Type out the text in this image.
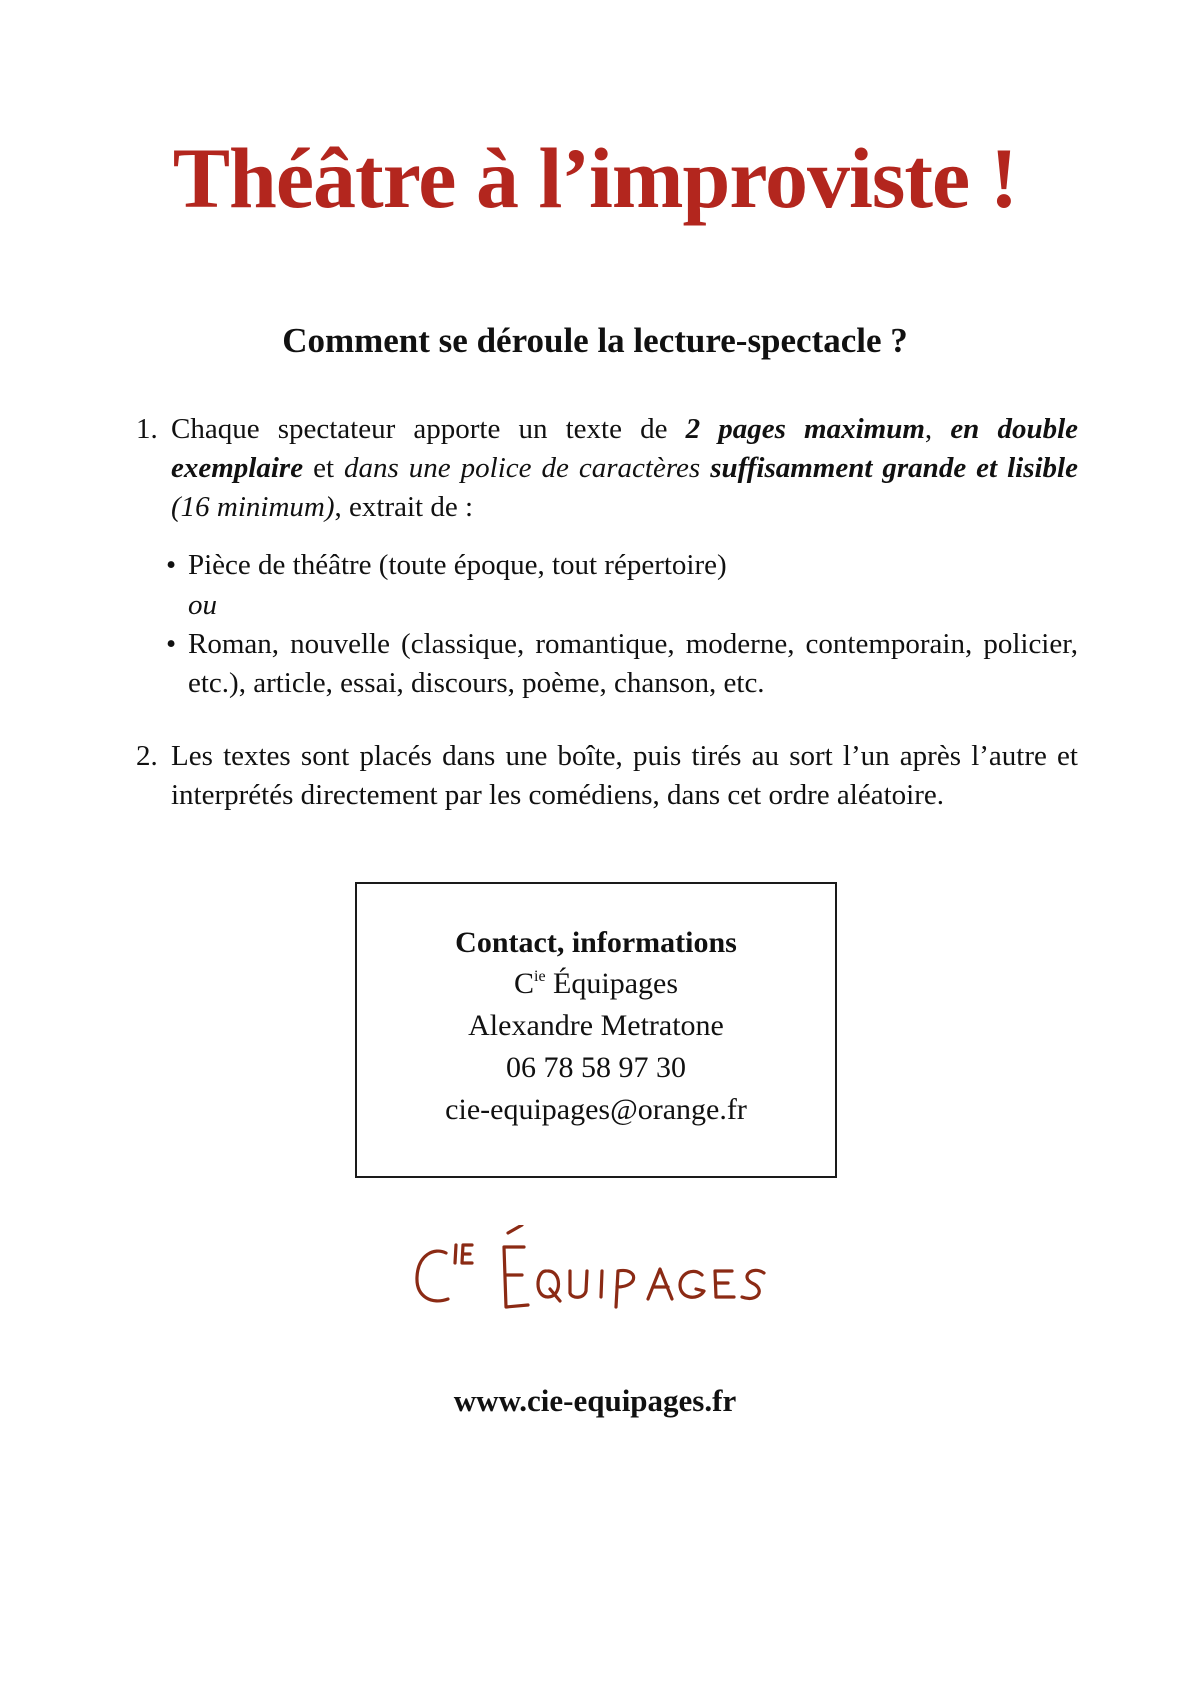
Théâtre à l’improviste !
Comment se déroule la lecture-spectacle ?
1. Chaque spectateur apporte un texte de 2 pages maximum, en double exemplaire et dans une police de caractères suffisamment grande et lisible (16 minimum), extrait de :
• Pièce de théâtre (toute époque, tout répertoire)
ou
• Roman, nouvelle (classique, romantique, moderne, contemporain, policier, etc.), article, essai, discours, poème, chanson, etc.
2. Les textes sont placés dans une boîte, puis tirés au sort l’un après l’autre et interprétés directement par les comédiens, dans cet ordre aléatoire.
Contact, informations
$C^{ie}$ Équipages
Alexandre Metratone
06 78 58 97 30
cie-equipages@orange.fr
www.cie-equipages.fr
